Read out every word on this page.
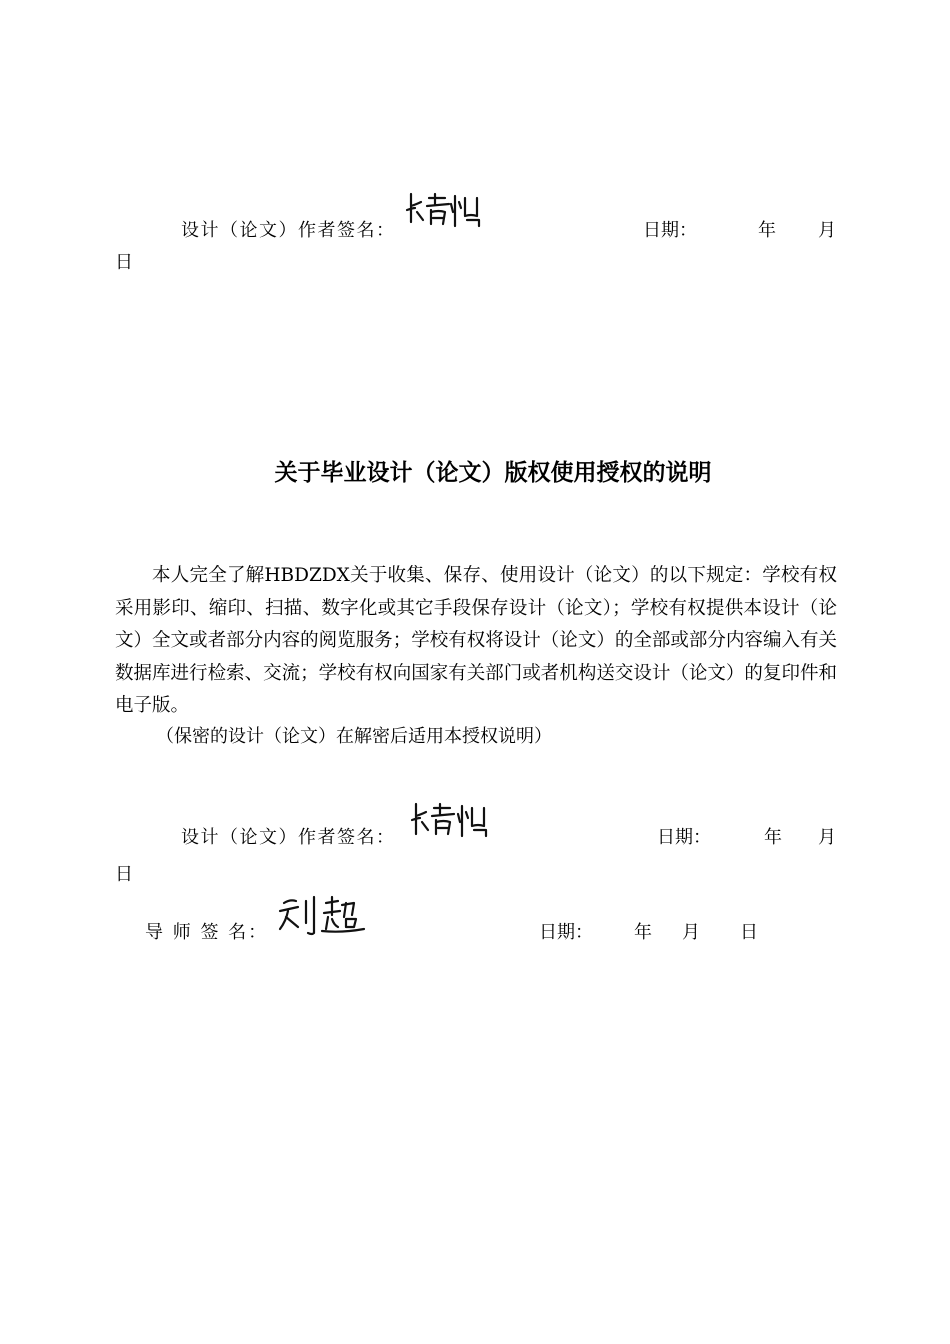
设计（论文）作者签名：	日期：	年 月
日
关于毕业设计（论文）版权使用授权的说明
本人完全了解HBDZDX关于收集、保存、使用设计（论文）的以下规定：学校有权采用影印、缩印、扫描、数字化或其它手段保存设计（论文）；学校有权提供本设计（论文）全文或者部分内容的阅览服务；学校有权将设计（论文）的全部或部分内容编入有关数据库进行检索、交流；学校有权向国家有关部门或者机构送交设计（论文）的复印件和电子版。
（保密的设计（论文）在解密后适用本授权说明）
设计（论文）作者签名：	日期：	年 月
日
导 师 签 名：	日期： 年 月 日
